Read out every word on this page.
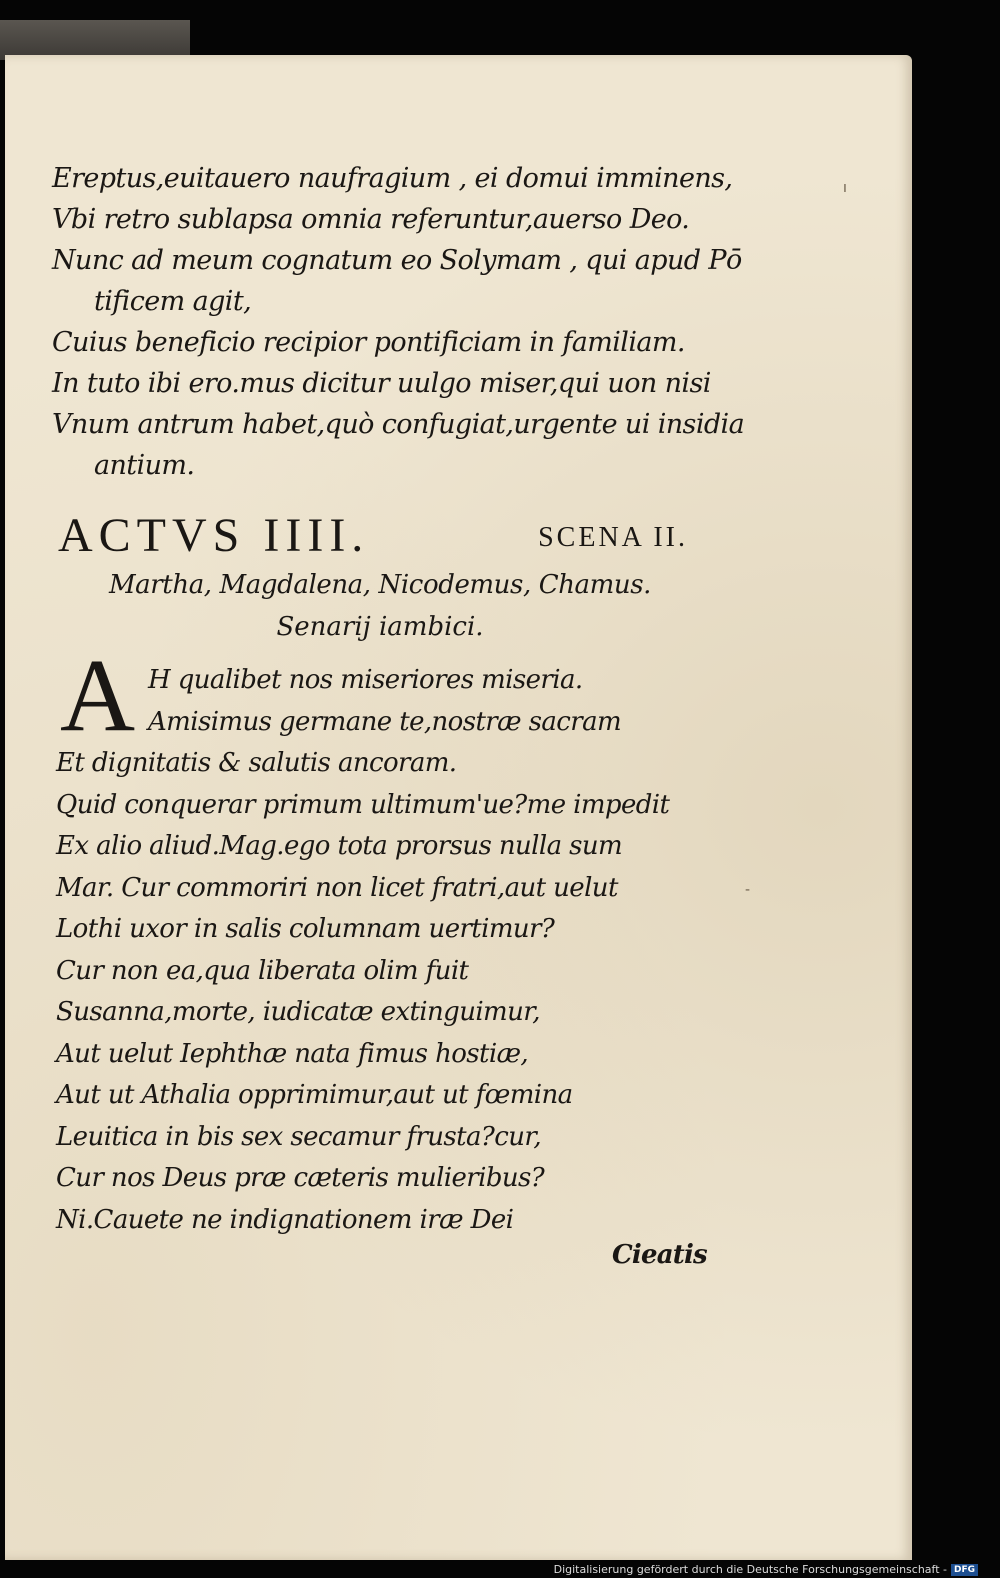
ı
-
Ereptus,euitauero naufragium , ei domui imminens,
Vbi retro sublapsa omnia referuntur,auerso Deo.
Nunc ad meum cognatum eo Solymam , qui apud Pō
tificem agit,
Cuius beneficio recipior pontificiam in familiam.
In tuto ibi ero.mus dicitur uulgo miser,qui uon nisi
Vnum antrum habet,quò confugiat,urgente ui insidia
antium.
ACTVS IIII.	SCENA II.
Martha, Magdalena, Nicodemus, Chamus.
Senarij iambici.
A H qualibet nos miseriores miseria.
Amisimus germane te,nostræ sacram
Et dignitatis & salutis ancoram.
Quid conquerar primum ultimum'ue?me impedit
Ex alio aliud.Mag.ego tota prorsus nulla sum
Mar. Cur commoriri non licet fratri,aut uelut
Lothi uxor in salis columnam uertimur?
Cur non ea,qua liberata olim fuit
Susanna,morte, iudicatæ extinguimur,
Aut uelut Iephthæ nata fimus hostiæ,
Aut ut Athalia opprimimur,aut ut fœmina
Leuitica in bis sex secamur frusta?cur,
Cur nos Deus præ cæteris mulieribus?
Ni.Cauete ne indignationem iræ Dei
Cieatis
Digitalisierung gefördert durch die Deutsche Forschungsgemeinschaft - DFG
